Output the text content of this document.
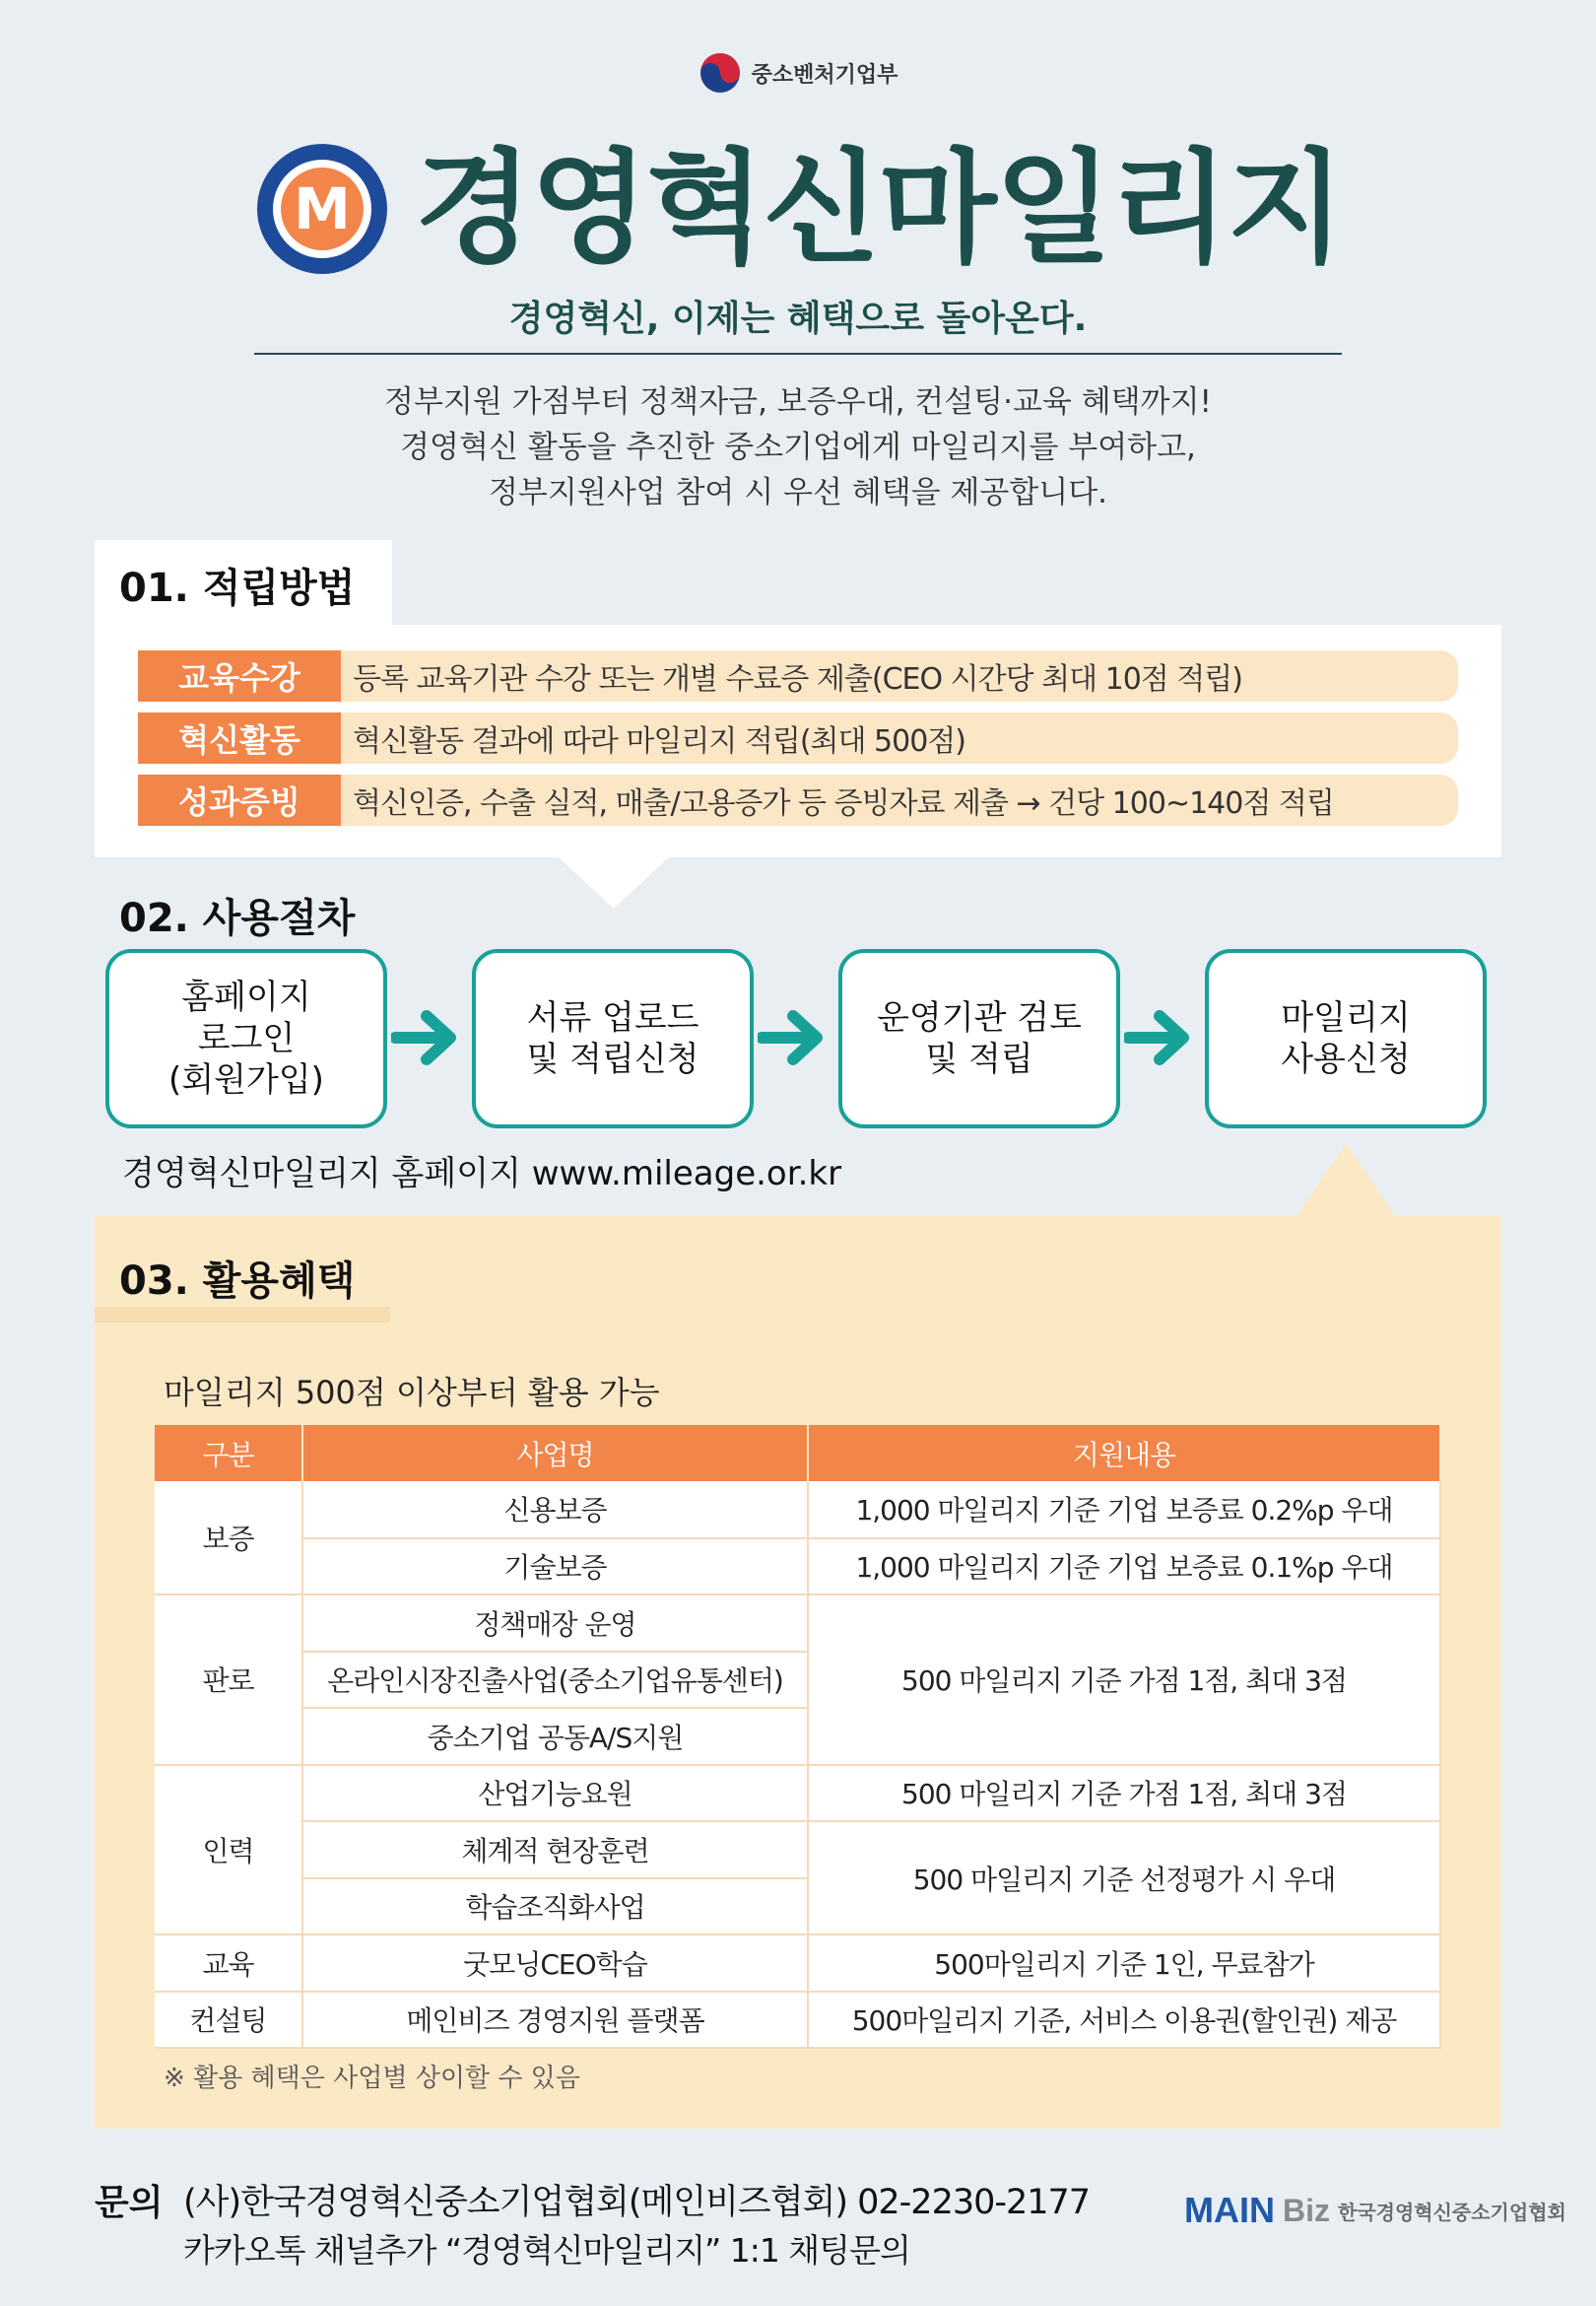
중소벤처기업부
M 경영혁신마일리지
경영혁신, 이제는 혜택으로 돌아온다.
정부지원 가점부터 정책자금, 보증우대, 컨설팅·교육 혜택까지!
경영혁신 활동을 추진한 중소기업에게 마일리지를 부여하고,
정부지원사업 참여 시 우선 혜택을 제공합니다.
01. 적립방법
교육수강	등록 교육기관 수강 또는 개별 수료증 제출(CEO 시간당 최대 10점 적립)
혁신활동	혁신활동 결과에 따라 마일리지 적립(최대 500점)
성과증빙	혁신인증, 수출 실적, 매출/고용증가 등 증빙자료 제출 → 건당 100~140점 적립
02. 사용절차
홈페이지
로그인
(회원가입)
서류 업로드
및 적립신청
운영기관 검토
및 적립
마일리지
사용신청
경영혁신마일리지 홈페이지 www.mileage.or.kr
03. 활용혜택
마일리지 500점 이상부터 활용 가능
구분	사업명	지원내용
보증	신용보증	1,000 마일리지 기준 기업 보증료 0.2%p 우대
	기술보증	1,000 마일리지 기준 기업 보증료 0.1%p 우대
판로	정책매장 운영	500 마일리지 기준 가점 1점, 최대 3점
	온라인시장진출사업(중소기업유통센터)	
	중소기업 공동A/S지원	
인력	산업기능요원	500 마일리지 기준 가점 1점, 최대 3점
	체계적 현장훈련	500 마일리지 기준 선정평가 시 우대
	학습조직화사업	
교육	굿모닝CEO학습	500마일리지 기준 1인, 무료참가
컨설팅	메인비즈 경영지원 플랫폼	500마일리지 기준, 서비스 이용권(할인권) 제공
※ 활용 혜택은 사업별 상이할 수 있음
문의 (사)한국경영혁신중소기업협회(메인비즈협회) 02-2230-2177
카카오톡 채널추가 “경영혁신마일리지” 1:1 채팅문의
MAIN Biz 한국경영혁신중소기업협회
